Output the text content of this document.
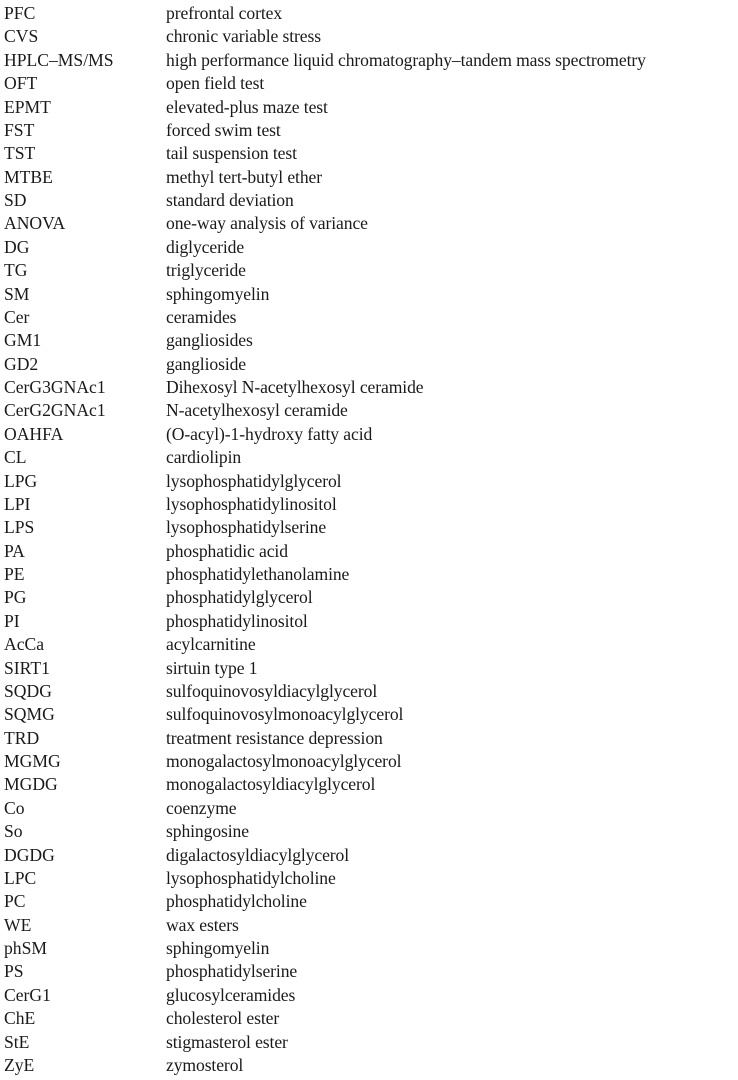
PFC	prefrontal cortex
CVS	chronic variable stress
HPLC–MS/MS	high performance liquid chromatography–tandem mass spectrometry
OFT	open field test
EPMT	elevated-plus maze test
FST	forced swim test
TST	tail suspension test
MTBE	methyl tert-butyl ether
SD	standard deviation
ANOVA	one-way analysis of variance
DG	diglyceride
TG	triglyceride
SM	sphingomyelin
Cer	ceramides
GM1	gangliosides
GD2	ganglioside
CerG3GNAc1	Dihexosyl N-acetylhexosyl ceramide
CerG2GNAc1	N-acetylhexosyl ceramide
OAHFA	(O-acyl)-1-hydroxy fatty acid
CL	cardiolipin
LPG	lysophosphatidylglycerol
LPI	lysophosphatidylinositol
LPS	lysophosphatidylserine
PA	phosphatidic acid
PE	phosphatidylethanolamine
PG	phosphatidylglycerol
PI	phosphatidylinositol
AcCa	acylcarnitine
SIRT1	sirtuin type 1
SQDG	sulfoquinovosyldiacylglycerol
SQMG	sulfoquinovosylmonoacylglycerol
TRD	treatment resistance depression
MGMG	monogalactosylmonoacylglycerol
MGDG	monogalactosyldiacylglycerol
Co	coenzyme
So	sphingosine
DGDG	digalactosyldiacylglycerol
LPC	lysophosphatidylcholine
PC	phosphatidylcholine
WE	wax esters
phSM	sphingomyelin
PS	phosphatidylserine
CerG1	glucosylceramides
ChE	cholesterol ester
StE	stigmasterol ester
ZyE	zymosterol
